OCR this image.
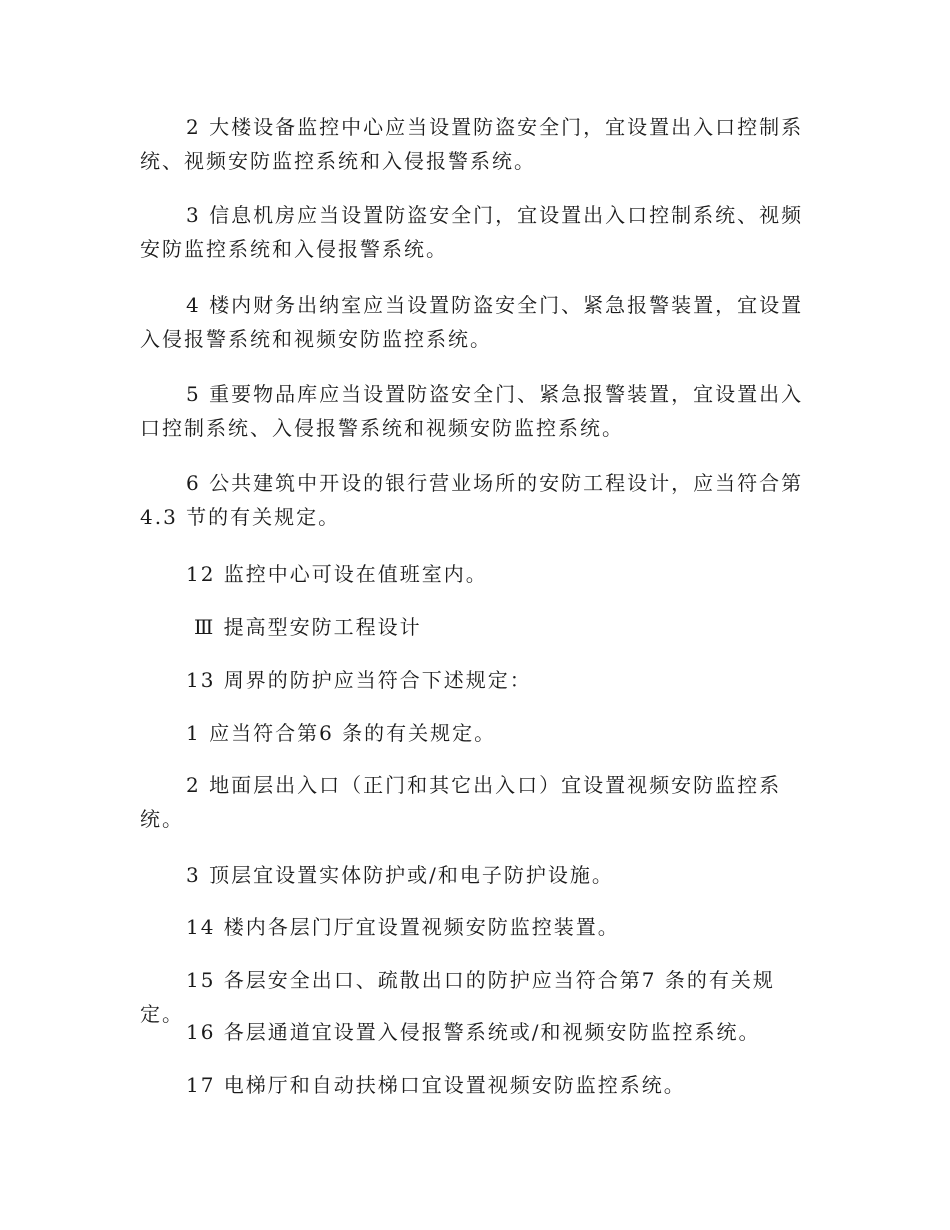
2 大楼设备监控中心应当设置防盗安全门，宜设置出入口控制系统、视频安防监控系统和入侵报警系统。

3 信息机房应当设置防盗安全门，宜设置出入口控制系统、视频安防监控系统和入侵报警系统。

4 楼内财务出纳室应当设置防盗安全门、紧急报警装置，宜设置入侵报警系统和视频安防监控系统。

5 重要物品库应当设置防盗安全门、紧急报警装置，宜设置出入口控制系统、入侵报警系统和视频安防监控系统。

6 公共建筑中开设的银行营业场所的安防工程设计，应当符合第4.3 节的有关规定。

12 监控中心可设在值班室内。

Ⅲ 提高型安防工程设计

13 周界的防护应当符合下述规定：

1 应当符合第6 条的有关规定。

2 地面层出入口（正门和其它出入口）宜设置视频安防监控系统。

3 顶层宜设置实体防护或/和电子防护设施。

14 楼内各层门厅宜设置视频安防监控装置。

15 各层安全出口、疏散出口的防护应当符合第7 条的有关规定。

16 各层通道宜设置入侵报警系统或/和视频安防监控系统。

17 电梯厅和自动扶梯口宜设置视频安防监控系统。
